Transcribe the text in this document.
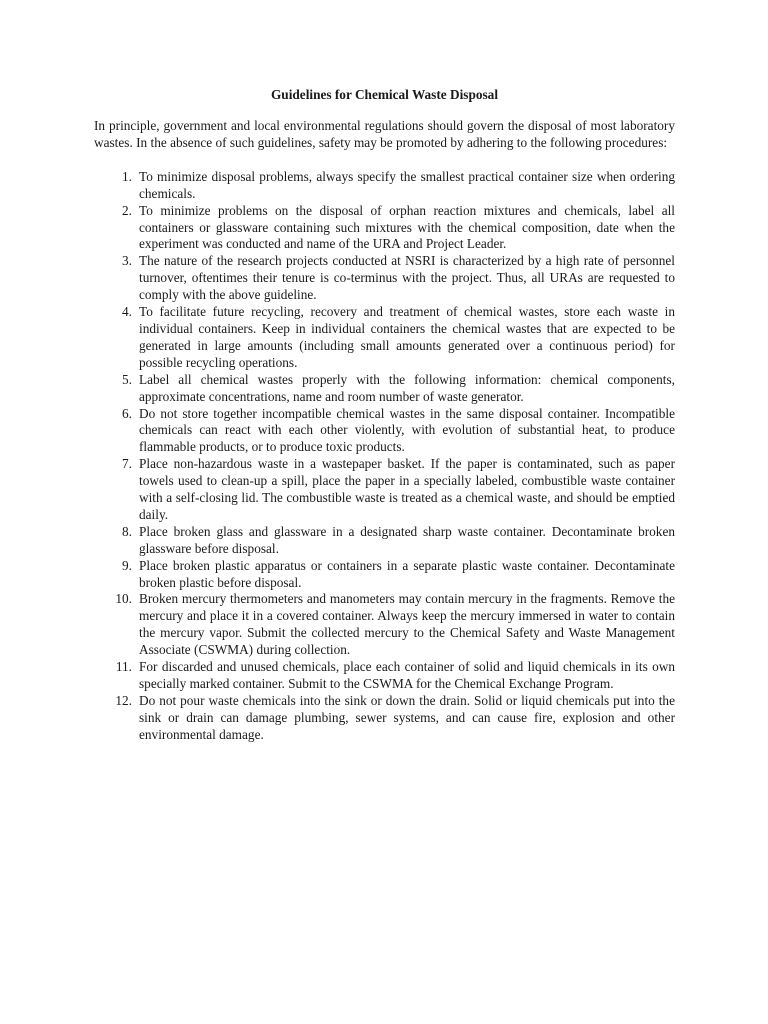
Guidelines for Chemical Waste Disposal
In principle, government and local environmental regulations should govern the disposal of most laboratory wastes. In the absence of such guidelines, safety may be promoted by adhering to the following procedures:
1. To minimize disposal problems, always specify the smallest practical container size when ordering chemicals.
2. To minimize problems on the disposal of orphan reaction mixtures and chemicals, label all containers or glassware containing such mixtures with the chemical composition, date when the experiment was conducted and name of the URA and Project Leader.
3. The nature of the research projects conducted at NSRI is characterized by a high rate of personnel turnover, oftentimes their tenure is co-terminus with the project. Thus, all URAs are requested to comply with the above guideline.
4. To facilitate future recycling, recovery and treatment of chemical wastes, store each waste in individual containers. Keep in individual containers the chemical wastes that are expected to be generated in large amounts (including small amounts generated over a continuous period) for possible recycling operations.
5. Label all chemical wastes properly with the following information: chemical components, approximate concentrations, name and room number of waste generator.
6. Do not store together incompatible chemical wastes in the same disposal container. Incompatible chemicals can react with each other violently, with evolution of substantial heat, to produce flammable products, or to produce toxic products.
7. Place non-hazardous waste in a wastepaper basket. If the paper is contaminated, such as paper towels used to clean-up a spill, place the paper in a specially labeled, combustible waste container with a self-closing lid. The combustible waste is treated as a chemical waste, and should be emptied daily.
8. Place broken glass and glassware in a designated sharp waste container. Decontaminate broken glassware before disposal.
9. Place broken plastic apparatus or containers in a separate plastic waste container. Decontaminate broken plastic before disposal.
10. Broken mercury thermometers and manometers may contain mercury in the fragments. Remove the mercury and place it in a covered container. Always keep the mercury immersed in water to contain the mercury vapor. Submit the collected mercury to the Chemical Safety and Waste Management Associate (CSWMA) during collection.
11. For discarded and unused chemicals, place each container of solid and liquid chemicals in its own specially marked container. Submit to the CSWMA for the Chemical Exchange Program.
12. Do not pour waste chemicals into the sink or down the drain. Solid or liquid chemicals put into the sink or drain can damage plumbing, sewer systems, and can cause fire, explosion and other environmental damage.
